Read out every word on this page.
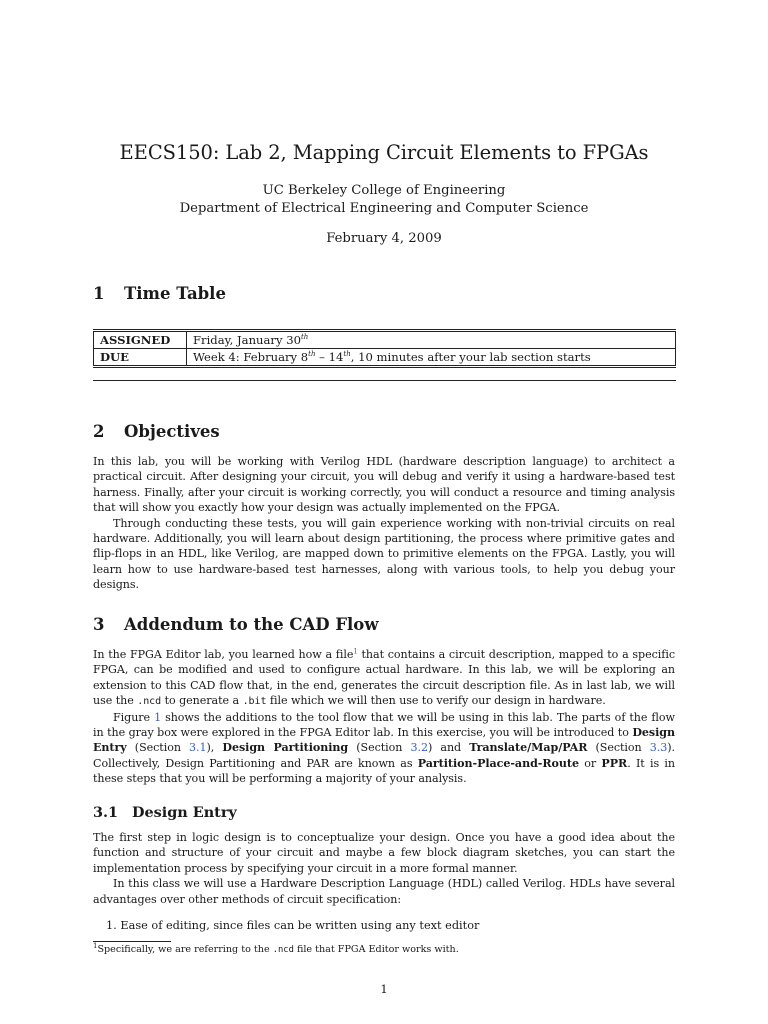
EECS150: Lab 2, Mapping Circuit Elements to FPGAs
UC Berkeley College of Engineering
Department of Electrical Engineering and Computer Science
February 4, 2009
1 Time Table
ASSIGNED	Friday, January 30th
DUE	Week 4: February 8th – 14th, 10 minutes after your lab section starts
2 Objectives

In this lab, you will be working with Verilog HDL (hardware description language) to architect a practical circuit. After designing your circuit, you will debug and verify it using a hardware-based test harness. Finally, after your circuit is working correctly, you will conduct a resource and timing analysis that will show you exactly how your design was actually implemented on the FPGA.

Through conducting these tests, you will gain experience working with non-trivial circuits on real hardware. Additionally, you will learn about design partitioning, the process where primitive gates and flip-flops in an HDL, like Verilog, are mapped down to primitive elements on the FPGA. Lastly, you will learn how to use hardware-based test harnesses, along with various tools, to help you debug your designs.

3 Addendum to the CAD Flow

In the FPGA Editor lab, you learned how a file$^1$ that contains a circuit description, mapped to a specific FPGA, can be modified and used to configure actual hardware. In this lab, we will be exploring an extension to this CAD flow that, in the end, generates the circuit description file. As in last lab, we will use the .ncd to generate a .bit file which we will then use to verify our design in hardware.

Figure 1 shows the additions to the tool flow that we will be using in this lab. The parts of the flow in the gray box were explored in the FPGA Editor lab. In this exercise, you will be introduced to Design Entry (Section 3.1), Design Partitioning (Section 3.2) and Translate/Map/PAR (Section 3.3). Collectively, Design Partitioning and PAR are known as Partition-Place-and-Route or PPR. It is in these steps that you will be performing a majority of your analysis.

3.1 Design Entry

The first step in logic design is to conceptualize your design. Once you have a good idea about the function and structure of your circuit and maybe a few block diagram sketches, you can start the implementation process by specifying your circuit in a more formal manner.

In this class we will use a Hardware Description Language (HDL) called Verilog. HDLs have several advantages over other methods of circuit specification:

1. Ease of editing, since files can be written using any text editor
$^1$Specifically, we are referring to the .ncd file that FPGA Editor works with.
1
